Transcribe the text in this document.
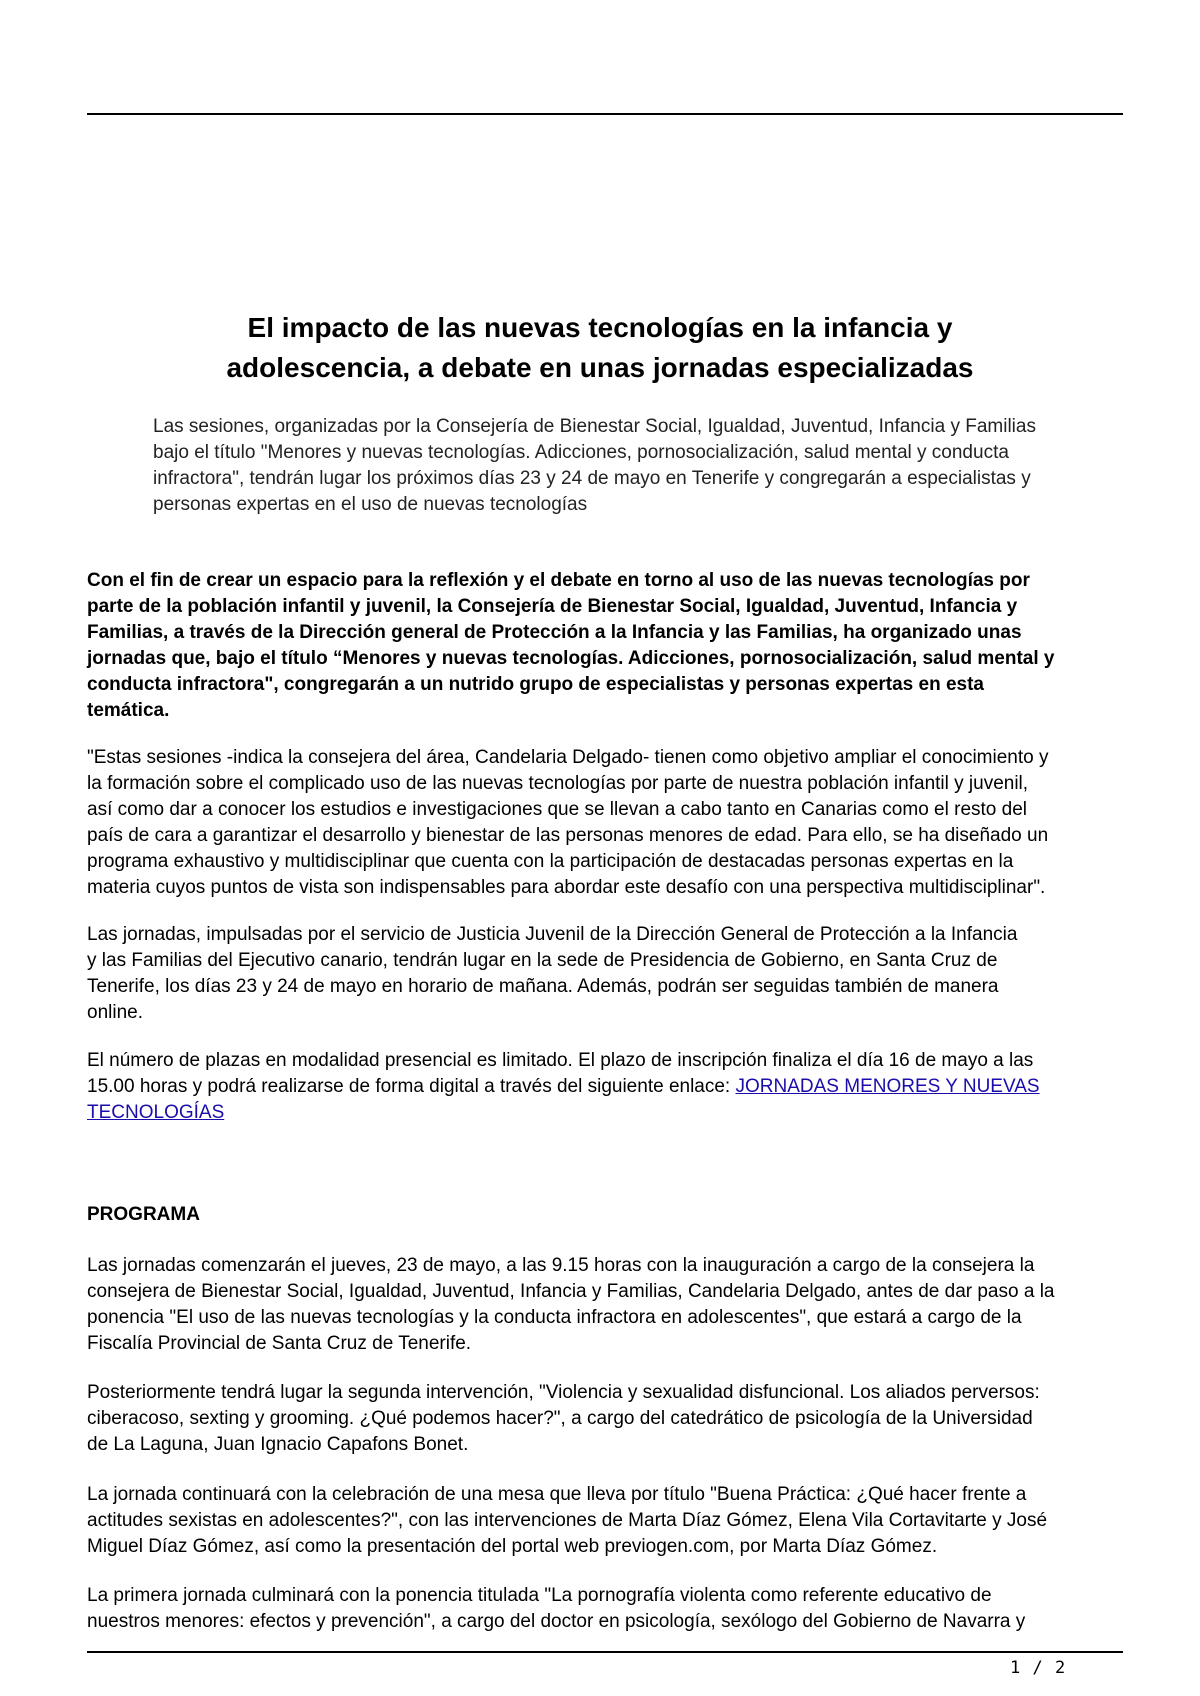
El impacto de las nuevas tecnologías en la infancia y
adolescencia, a debate en unas jornadas especializadas
Las sesiones, organizadas por la Consejería de Bienestar Social, Igualdad, Juventud, Infancia y Familias
bajo el título "Menores y nuevas tecnologías. Adicciones, pornosocialización, salud mental y conducta
infractora", tendrán lugar los próximos días 23 y 24 de mayo en Tenerife y congregarán a especialistas y
personas expertas en el uso de nuevas tecnologías
Con el fin de crear un espacio para la reflexión y el debate en torno al uso de las nuevas tecnologías por
parte de la población infantil y juvenil, la Consejería de Bienestar Social, Igualdad, Juventud, Infancia y
Familias, a través de la Dirección general de Protección a la Infancia y las Familias, ha organizado unas
jornadas que, bajo el título “Menores y nuevas tecnologías. Adicciones, pornosocialización, salud mental y
conducta infractora", congregarán a un nutrido grupo de especialistas y personas expertas en esta
temática.
"Estas sesiones -indica la consejera del área, Candelaria Delgado- tienen como objetivo ampliar el conocimiento y
la formación sobre el complicado uso de las nuevas tecnologías por parte de nuestra población infantil y juvenil,
así como dar a conocer los estudios e investigaciones que se llevan a cabo tanto en Canarias como el resto del
país de cara a garantizar el desarrollo y bienestar de las personas menores de edad. Para ello, se ha diseñado un
programa exhaustivo y multidisciplinar que cuenta con la participación de destacadas personas expertas en la
materia cuyos puntos de vista son indispensables para abordar este desafío con una perspectiva multidisciplinar".
Las jornadas, impulsadas por el servicio de Justicia Juvenil de la Dirección General de Protección a la Infancia
y las Familias del Ejecutivo canario, tendrán lugar en la sede de Presidencia de Gobierno, en Santa Cruz de
Tenerife, los días 23 y 24 de mayo en horario de mañana. Además, podrán ser seguidas también de manera
online.
El número de plazas en modalidad presencial es limitado. El plazo de inscripción finaliza el día 16 de mayo a las
15.00 horas y podrá realizarse de forma digital a través del siguiente enlace: JORNADAS MENORES Y NUEVAS
TECNOLOGÍAS
PROGRAMA
Las jornadas comenzarán el jueves, 23 de mayo, a las 9.15 horas con la inauguración a cargo de la consejera la
consejera de Bienestar Social, Igualdad, Juventud, Infancia y Familias, Candelaria Delgado, antes de dar paso a la
ponencia "El uso de las nuevas tecnologías y la conducta infractora en adolescentes", que estará a cargo de la
Fiscalía Provincial de Santa Cruz de Tenerife.
Posteriormente tendrá lugar la segunda intervención, "Violencia y sexualidad disfuncional. Los aliados perversos:
ciberacoso, sexting y grooming. ¿Qué podemos hacer?", a cargo del catedrático de psicología de la Universidad
de La Laguna, Juan Ignacio Capafons Bonet.
La jornada continuará con la celebración de una mesa que lleva por título "Buena Práctica: ¿Qué hacer frente a
actitudes sexistas en adolescentes?", con las intervenciones de Marta Díaz Gómez, Elena Vila Cortavitarte y José
Miguel Díaz Gómez, así como la presentación del portal web previogen.com, por Marta Díaz Gómez.
La primera jornada culminará con la ponencia titulada "La pornografía violenta como referente educativo de
nuestros menores: efectos y prevención", a cargo del doctor en psicología, sexólogo del Gobierno de Navarra y
1 / 2
